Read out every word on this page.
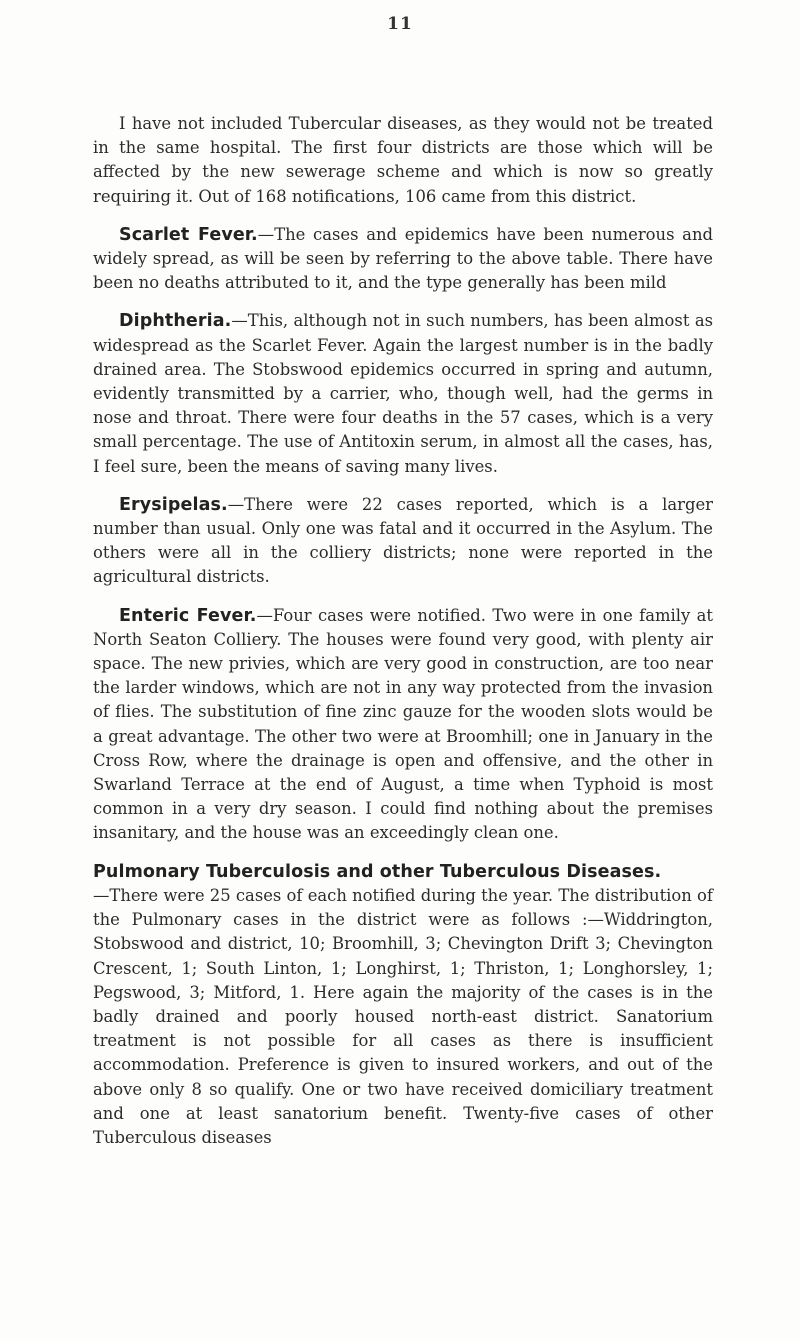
11

I have not included Tubercular diseases, as they would not be treated in the same hospital. The first four districts are those which will be affected by the new sewerage scheme and which is now so greatly requiring it. Out of 168 notifications, 106 came from this district.

Scarlet Fever.—The cases and epidemics have been numerous and widely spread, as will be seen by referring to the above table. There have been no deaths attributed to it, and the type generally has been mild

Diphtheria.—This, although not in such numbers, has been almost as widespread as the Scarlet Fever. Again the largest number is in the badly drained area. The Stobswood epidemics occurred in spring and autumn, evidently transmitted by a carrier, who, though well, had the germs in nose and throat. There were four deaths in the 57 cases, which is a very small percentage. The use of Antitoxin serum, in almost all the cases, has, I feel sure, been the means of saving many lives.

Erysipelas.—There were 22 cases reported, which is a larger number than usual. Only one was fatal and it occurred in the Asylum. The others were all in the colliery districts; none were reported in the agricultural districts.

Enteric Fever.—Four cases were notified. Two were in one family at North Seaton Colliery. The houses were found very good, with plenty air space. The new privies, which are very good in construction, are too near the larder windows, which are not in any way protected from the invasion of flies. The substitution of fine zinc gauze for the wooden slots would be a great advantage. The other two were at Broomhill; one in January in the Cross Row, where the drainage is open and offensive, and the other in Swarland Terrace at the end of August, a time when Typhoid is most common in a very dry season. I could find nothing about the premises insanitary, and the house was an exceedingly clean one.

Pulmonary Tuberculosis and other Tuberculous Diseases.
—There were 25 cases of each notified during the year. The distribution of the Pulmonary cases in the district were as follows :—Widdrington, Stobswood and district, 10; Broomhill, 3; Chevington Drift 3; Chevington Crescent, 1; South Linton, 1; Longhirst, 1; Thriston, 1; Longhorsley, 1; Pegswood, 3; Mitford, 1. Here again the majority of the cases is in the badly drained and poorly housed north-east district. Sanatorium treatment is not possible for all cases as there is insufficient accommodation. Preference is given to insured workers, and out of the above only 8 so qualify. One or two have received domiciliary treatment and one at least sanatorium benefit. Twenty-five cases of other Tuberculous diseases
